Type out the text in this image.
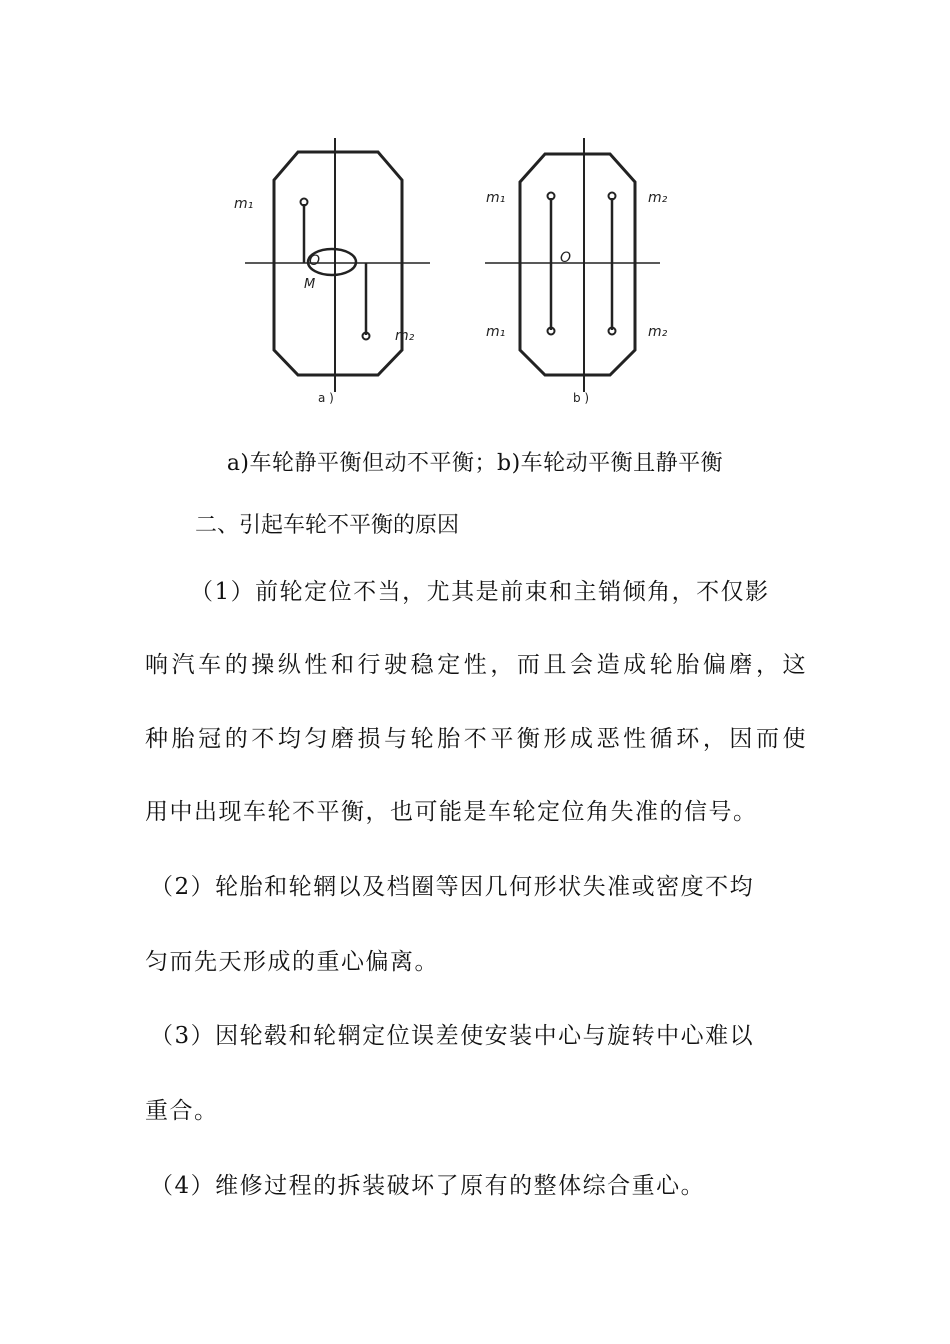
m₁
m₂
O
M
a )
m₁	m₂
m₁	m₂
O
b )
a)车轮静平衡但动不平衡；b)车轮动平衡且静平衡
二、引起车轮不平衡的原因
（1）前轮定位不当，尤其是前束和主销倾角，不仅影
响汽车的操纵性和行驶稳定性，而且会造成轮胎偏磨，这
种胎冠的不均匀磨损与轮胎不平衡形成恶性循环，因而使
用中出现车轮不平衡，也可能是车轮定位角失准的信号。
（2）轮胎和轮辋以及档圈等因几何形状失准或密度不均
匀而先天形成的重心偏离。
（3）因轮毂和轮辋定位误差使安装中心与旋转中心难以
重合。
（4）维修过程的拆装破坏了原有的整体综合重心。
